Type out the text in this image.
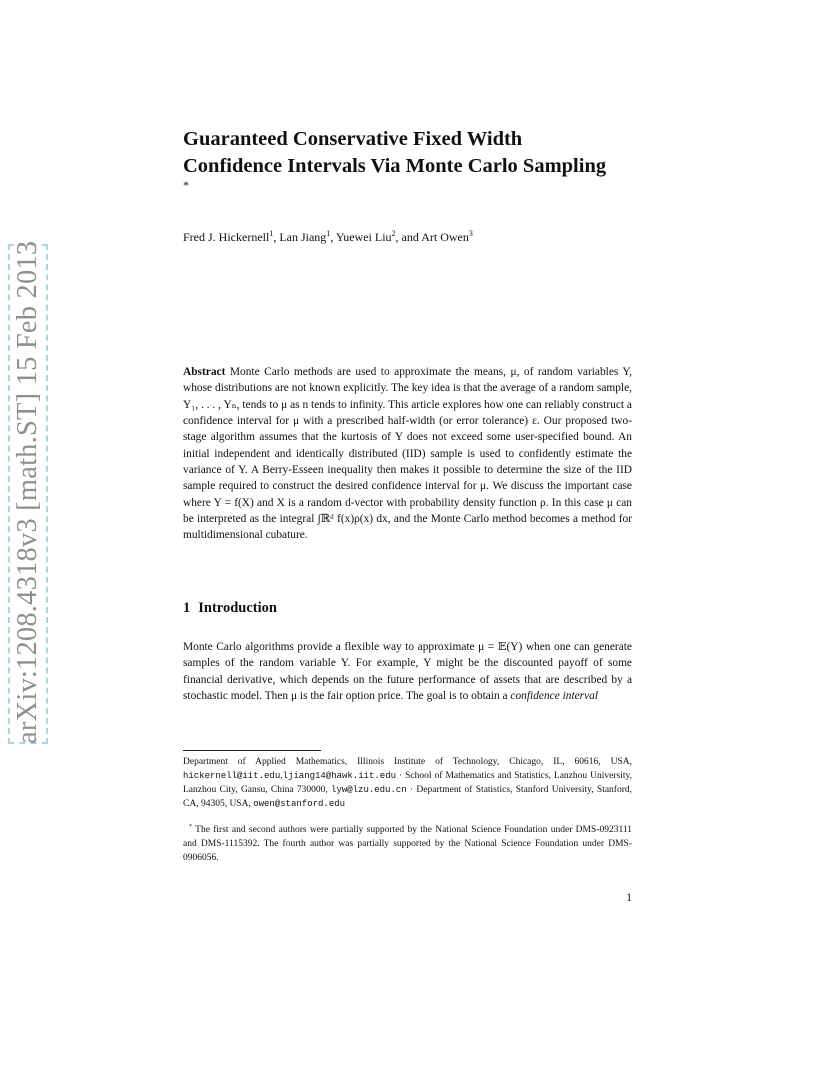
arXiv:1208.4318v3 [math.ST] 15 Feb 2013
Guaranteed Conservative Fixed Width
Confidence Intervals Via Monte Carlo Sampling
*
Fred J. Hickernell$^1$, Lan Jiang$^1$, Yuewei Liu$^2$, and Art Owen$^3$

Abstract Monte Carlo methods are used to approximate the means, μ, of random variables Y, whose distributions are not known explicitly. The key idea is that the average of a random sample, Y₁, . . . , Yₙ, tends to μ as n tends to infinity. This article explores how one can reliably construct a confidence interval for μ with a prescribed half-width (or error tolerance) ε. Our proposed two-stage algorithm assumes that the kurtosis of Y does not exceed some user-specified bound. An initial independent and identically distributed (IID) sample is used to confidently estimate the variance of Y. A Berry-Esseen inequality then makes it possible to determine the size of the IID sample required to construct the desired confidence interval for μ. We discuss the important case where Y = f(X) and X is a random d-vector with probability density function ρ. In this case μ can be interpreted as the integral ∫ℝᵈ f(x)ρ(x) dx, and the Monte Carlo method becomes a method for multidimensional cubature.

1 Introduction

Monte Carlo algorithms provide a flexible way to approximate μ = 𝔼(Y) when one can generate samples of the random variable Y. For example, Y might be the discounted payoff of some financial derivative, which depends on the future performance of assets that are described by a stochastic model. Then μ is the fair option price. The goal is to obtain a confidence interval

Department of Applied Mathematics, Illinois Institute of Technology, Chicago, IL, 60616, USA, hickernell@iit.edu,ljiang14@hawk.iit.edu · School of Mathematics and Statistics, Lanzhou University, Lanzhou City, Gansu, China 730000, lyw@lzu.edu.cn · Department of Statistics, Stanford University, Stanford, CA, 94305, USA, owen@stanford.edu

* The first and second authors were partially supported by the National Science Foundation under DMS-0923111 and DMS-1115392. The fourth author was partially supported by the National Science Foundation under DMS-0906056.

1
